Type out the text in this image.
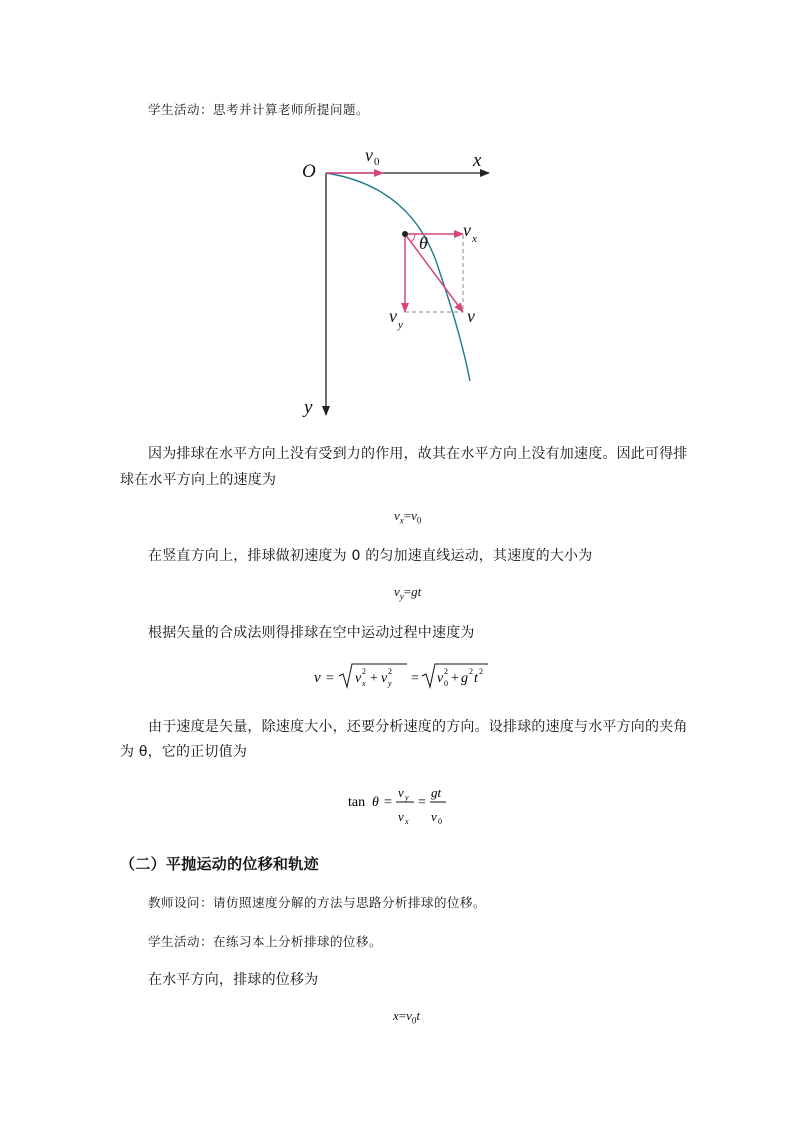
学生活动：思考并计算老师所提问题。
O
x
y
$v_0$
$v_x$
$v_y$	v
θ
因为排球在水平方向上没有受到力的作用，故其在水平方向上没有加速度。因此可得排
球在水平方向上的速度为
$v_x=v_0$
在竖直方向上，排球做初速度为 0 的匀加速直线运动，其速度的大小为
$v_y=gt$
根据矢量的合成法则得排球在空中运动过程中速度为
v = v 2
x + v 2
y = v 2
0 + g 2 t 2
由于速度是矢量，除速度大小，还要分析速度的方向。设排球的速度与水平方向的夹角
为 θ，它的正切值为
tan θ =
v y
v x
=
gt
v 0
（二）平抛运动的位移和轨迹
教师设问：请仿照速度分解的方法与思路分析排球的位移。
学生活动：在练习本上分析排球的位移。
在水平方向，排球的位移为
$x=v_0t$
